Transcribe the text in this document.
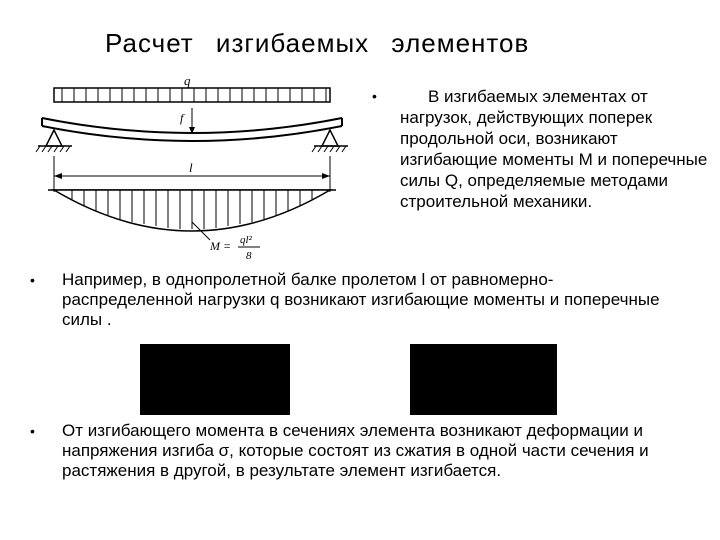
Расчет изгибаемых элементов
q
f
l
M = ql²
8
•	В изгибаемых элементах от нагрузок, действующих поперек продольной оси, возникают изгибающие моменты M и поперечные силы Q, определяемые методами строительной механики.
• Например, в однопролетной балке пролетом l от равномерно-распределенной нагрузки q возникают изгибающие моменты и поперечные силы .
• От изгибающего момента в сечениях элемента возникают деформации и напряжения изгиба σ, которые состоят из сжатия в одной части сечения и растяжения в другой, в результате элемент изгибается.
